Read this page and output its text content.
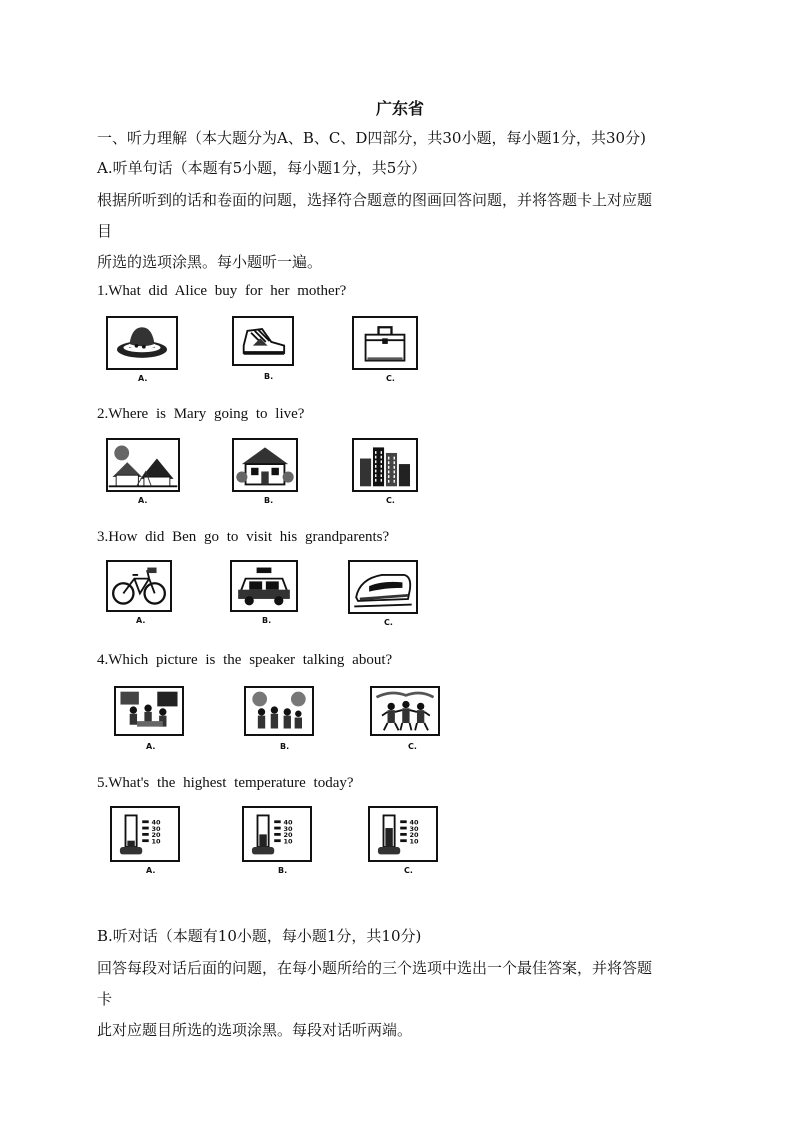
广东省
一、听力理解（本大题分为A、B、C、D四部分，共30小题，每小题1分，共30分)
A.听单句话（本题有5小题，每小题1分，共5分）
根据所听到的话和卷面的问题，选择符合题意的图画回答问题，并将答题卡上对应题
目
所选的选项涂黑。每小题听一遍。
1.What did Alice buy for her mother?
A.	B.	C.
2.Where is Mary going to live?
A.	B.	C.
3.How did Ben go to visit his grandparents?
A.	B.	C.
4.Which picture is the speaker talking about?
A.	B.	C.
5.What's the highest temperature today?
40
30
20
10
A.
40
30
20
10
B.
40
30
20
10
C.
B.听对话（本题有10小题，每小题1分，共10分)
回答每段对话后面的问题，在每小题所给的三个选项中选出一个最佳答案，并将答题
卡
此对应题目所选的选项涂黑。每段对话听两端。
